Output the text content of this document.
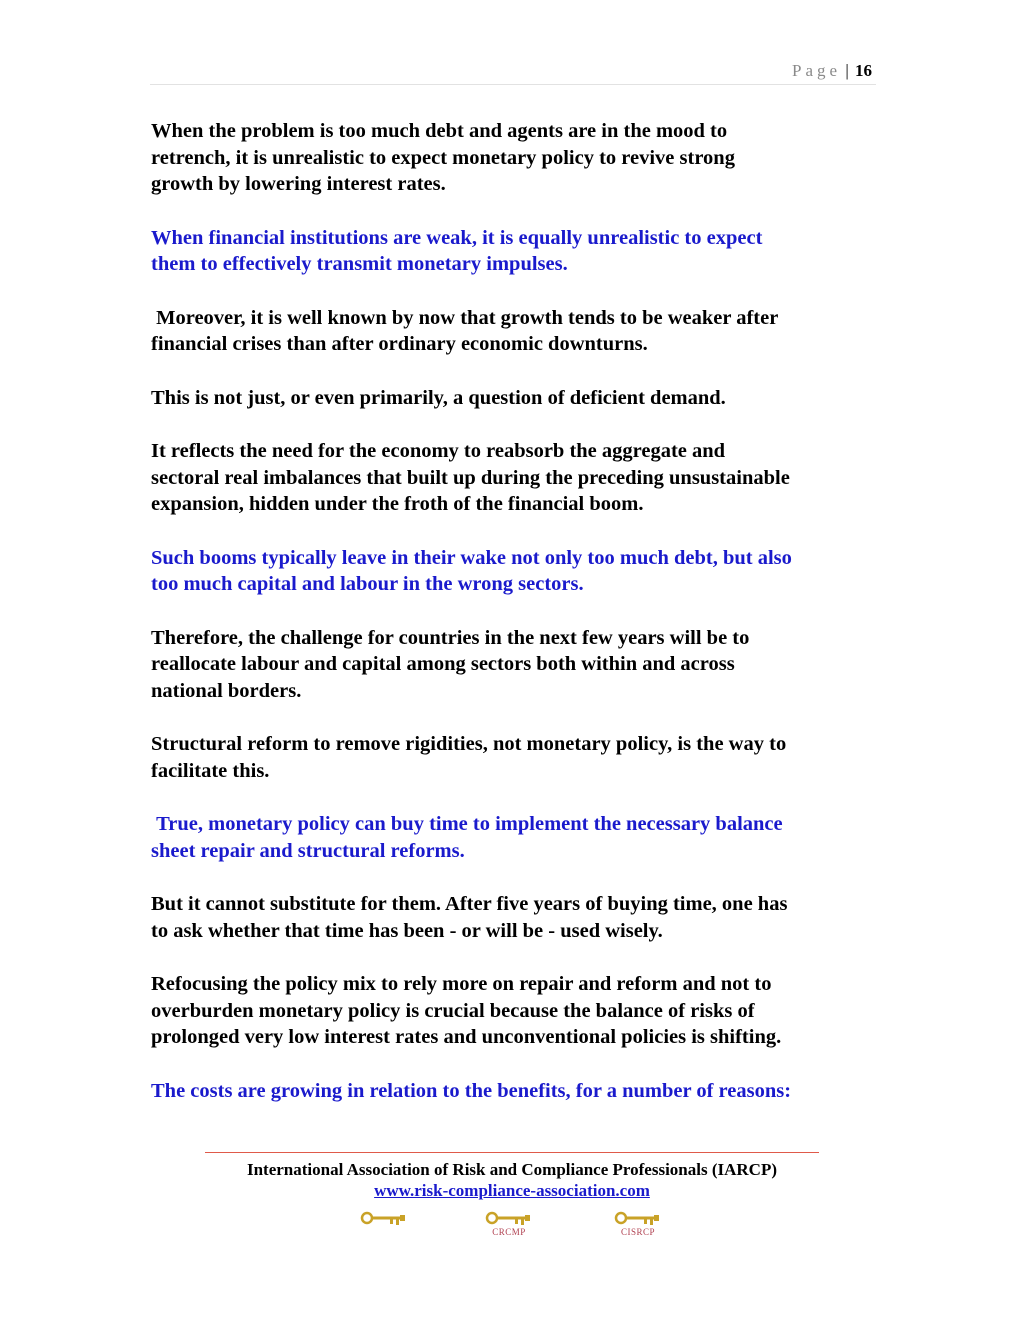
Page | 16

When the problem is too much debt and agents are in the mood to
retrench, it is unrealistic to expect monetary policy to revive strong
growth by lowering interest rates.

When financial institutions are weak, it is equally unrealistic to expect
them to effectively transmit monetary impulses.

Moreover, it is well known by now that growth tends to be weaker after
financial crises than after ordinary economic downturns.

This is not just, or even primarily, a question of deficient demand.

It reflects the need for the economy to reabsorb the aggregate and
sectoral real imbalances that built up during the preceding unsustainable
expansion, hidden under the froth of the financial boom.

Such booms typically leave in their wake not only too much debt, but also
too much capital and labour in the wrong sectors.

Therefore, the challenge for countries in the next few years will be to
reallocate labour and capital among sectors both within and across
national borders.

Structural reform to remove rigidities, not monetary policy, is the way to
facilitate this.

True, monetary policy can buy time to implement the necessary balance
sheet repair and structural reforms.

But it cannot substitute for them. After five years of buying time, one has
to ask whether that time has been - or will be - used wisely.

Refocusing the policy mix to rely more on repair and reform and not to
overburden monetary policy is crucial because the balance of risks of
prolonged very low interest rates and unconventional policies is shifting.

The costs are growing in relation to the benefits, for a number of reasons:

International Association of Risk and Compliance Professionals (IARCP)
www.risk-compliance-association.com
CRCMP	CISRCP
